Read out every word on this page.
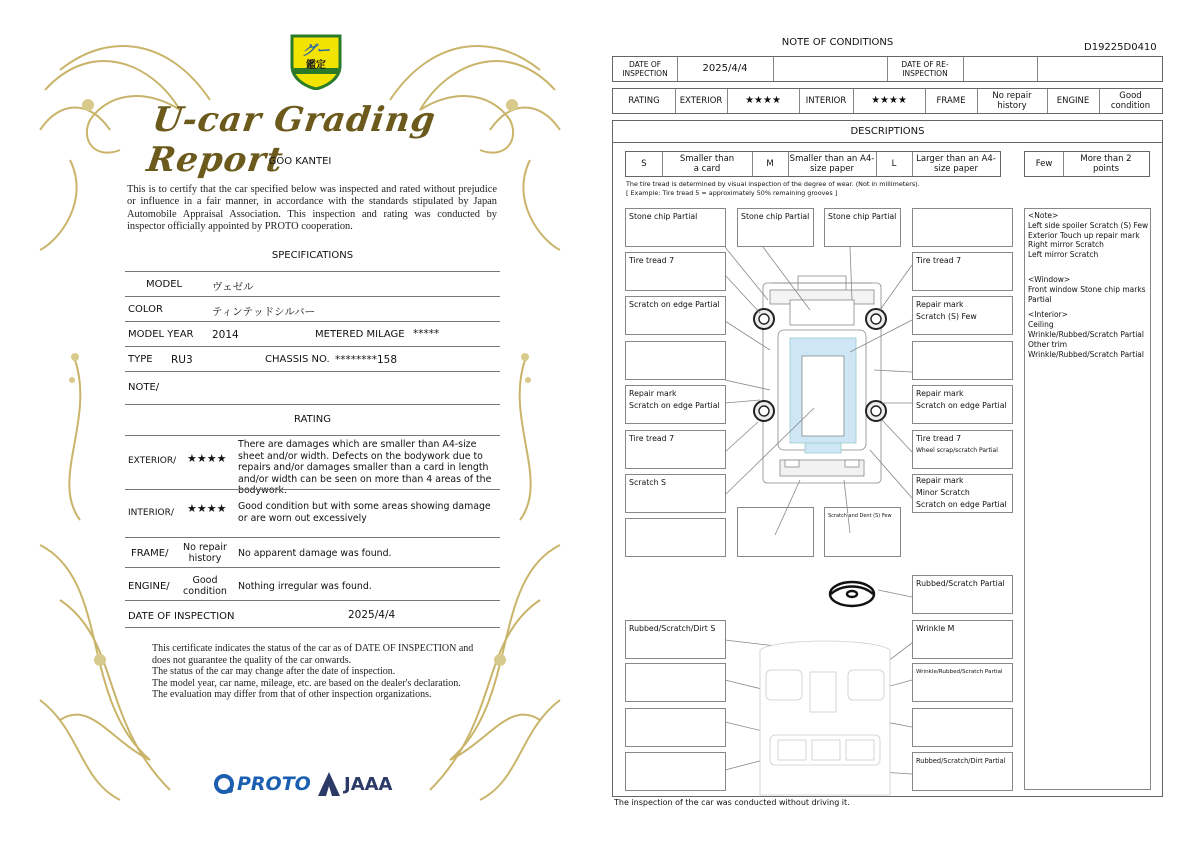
グー
鑑定
U-car Grading Report
GOO KANTEI
This is to certify that the car specified below was inspected and rated without prejudice or influence in a fair manner, in accordance with the standards stipulated by Japan Automobile Appraisal Association. This inspection and rating was conducted by inspector officially appointed by PROTO cooperation.
SPECIFICATIONS
MODEL	ヴェゼル
COLOR	ティンテッドシルバー
MODEL YEAR 2014	METERED MILAGE *****
TYPE RU3	CHASSIS NO. ********158
NOTE/
RATING
EXTERIOR/ ★★★★
There are damages which are smaller than A4-size sheet and/or width. Defects on the bodywork due to repairs and/or damages smaller than a card in length and/or width can be seen on more than 4 areas of the bodywork.
INTERIOR/ ★★★★ Good condition but with some areas showing damage or are worn out excessively
FRAME/
No repair history	No apparent damage was found.
ENGINE/
Good condition	Nothing irregular was found.
DATE OF INSPECTION	2025/4/4
This certificate indicates the status of the car as of DATE OF INSPECTION and does not guarantee the quality of the car onwards.
The status of the car may change after the date of inspection.
The model year, car name, mileage, etc. are based on the dealer's declaration.
The evaluation may differ from that of other inspection organizations.
PROTO JAAA
NOTE OF CONDITIONS	D19225D0410
DATE OF INSPECTION	2025/4/4	DATE OF RE-INSPECTION
RATING	EXTERIOR	★★★★	INTERIOR	★★★★	FRAME	No repair history	ENGINE	Good condition
DESCRIPTIONS
S	Smaller than a card	M	Smaller than an A4-size paper	L	Larger than an A4-size paper	Few	More than 2 points
The tire tread is determined by visual inspection of the degree of wear. (Not in millimeters).
[ Example: Tire tread 5 = approximately 50% remaining grooves ]
Stone chip Partial	Stone chip Partial	Stone chip Partial
Tire tread 7
Scratch on edge Partial
Repair mark
Scratch on edge Partial
Tire tread 7
Scratch S
Tire tread 7
Repair mark
Scratch (S) Few
Repair mark
Scratch on edge Partial
Tire tread 7
Wheel scrap/scratch Partial
Repair mark
Minor Scratch
Scratch on edge Partial
Scratch and Dent (S) Few
Rubbed/Scratch Partial
Rubbed/Scratch/Dirt S	Wrinkle M
Wrinkle/Rubbed/Scratch Partial
Rubbed/Scratch/Dirt Partial
<Note>
Left side spoiler Scratch (S) Few
Exterior Touch up repair mark
Right mirror Scratch
Left mirror Scratch
<Window>
Front window Stone chip marks Partial
<Interior>
Ceiling
Wrinkle/Rubbed/Scratch Partial
Other trim
Wrinkle/Rubbed/Scratch Partial
The inspection of the car was conducted without driving it.
